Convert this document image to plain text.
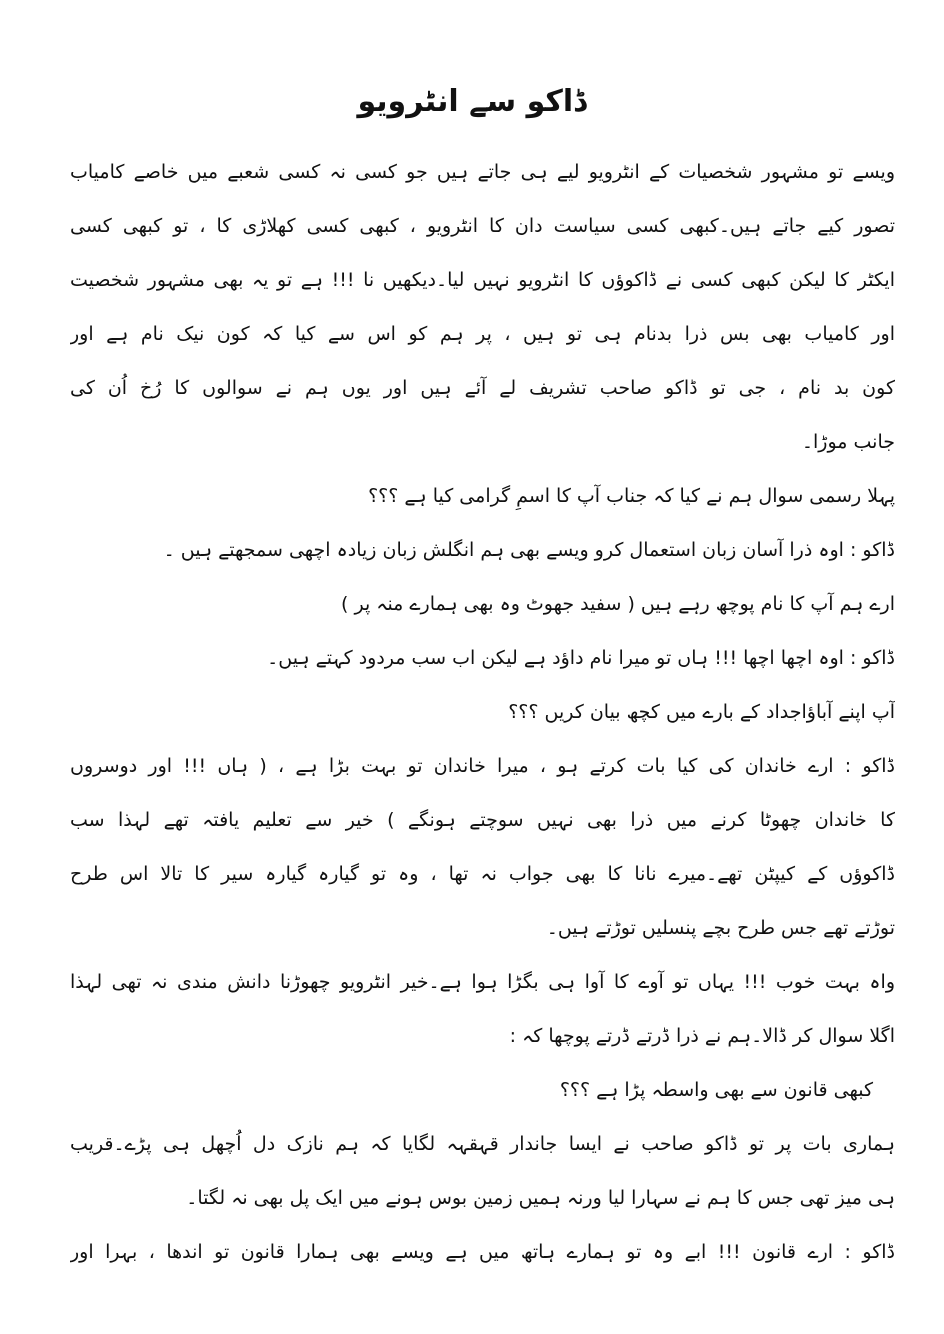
ڈاکو سے انٹرویو
ویسے تو مشہور شخصیات کے انٹرویو لیے ہی جاتے ہیں جو کسی نہ کسی شعبے میں خاصے کامیاب
تصور کیے جاتے ہیں۔کبھی کسی سیاست دان کا انٹرویو ، کبھی کسی کھلاڑی کا ، تو کبھی کسی
ایکٹر کا لیکن کبھی کسی نے ڈاکوؤں کا انٹرویو نہیں لیا۔دیکھیں نا !!! ہے تو یہ بھی مشہور شخصیت
اور کامیاب بھی بس ذرا بدنام ہی تو ہیں ، پر ہم کو اس سے کیا کہ کون نیک نام ہے اور
کون بد نام ، جی تو ڈاکو صاحب تشریف لے آئے ہیں اور یوں ہم نے سوالوں کا رُخ اُن کی
جانب موڑا۔
پہلا رسمی سوال ہم نے کیا کہ جناب آپ کا اسمِ گرامی کیا ہے ؟؟؟
ڈاکو : اوہ ذرا آسان زبان استعمال کرو ویسے بھی ہم انگلش زبان زیادہ اچھی سمجھتے ہیں ۔
ارے ہم آپ کا نام پوچھ رہے ہیں ( سفید جھوٹ وہ بھی ہمارے منہ پر )
ڈاکو : اوہ اچھا اچھا !!! ہاں تو میرا نام داؤد ہے لیکن اب سب مردود کہتے ہیں۔
آپ اپنے آباؤاجداد کے بارے میں کچھ بیان کریں ؟؟؟
ڈاکو : ارے خاندان کی کیا بات کرتے ہو ، میرا خاندان تو بہت بڑا ہے ، ( ہاں !!! اور دوسروں
کا خاندان چھوٹا کرنے میں ذرا بھی نہیں سوچتے ہونگے ) خیر سے تعلیم یافتہ تھے لہذا سب
ڈاکوؤں کے کیپٹن تھے۔میرے نانا کا بھی جواب نہ تھا ، وہ تو گیارہ گیارہ سیر کا تالا اس طرح
توڑتے تھے جس طرح بچے پنسلیں توڑتے ہیں۔
واہ بہت خوب !!! یہاں تو آوے کا آوا ہی بگڑا ہوا ہے۔خیر انٹرویو چھوڑنا دانش مندی نہ تھی لہذا
اگلا سوال کر ڈالا۔ہم نے ذرا ڈرتے ڈرتے پوچھا کہ :
کبھی قانون سے بھی واسطہ پڑا ہے ؟؟؟
ہماری بات پر تو ڈاکو صاحب نے ایسا جاندار قہقہہ لگایا کہ ہم نازک دل اُچھل ہی پڑے۔قریب
ہی میز تھی جس کا ہم نے سہارا لیا ورنہ ہمیں زمین بوس ہونے میں ایک پل بھی نہ لگتا۔
ڈاکو : ارے قانون !!! ابے وہ تو ہمارے ہاتھ میں ہے ویسے بھی ہمارا قانون تو اندھا ، بہرا اور
